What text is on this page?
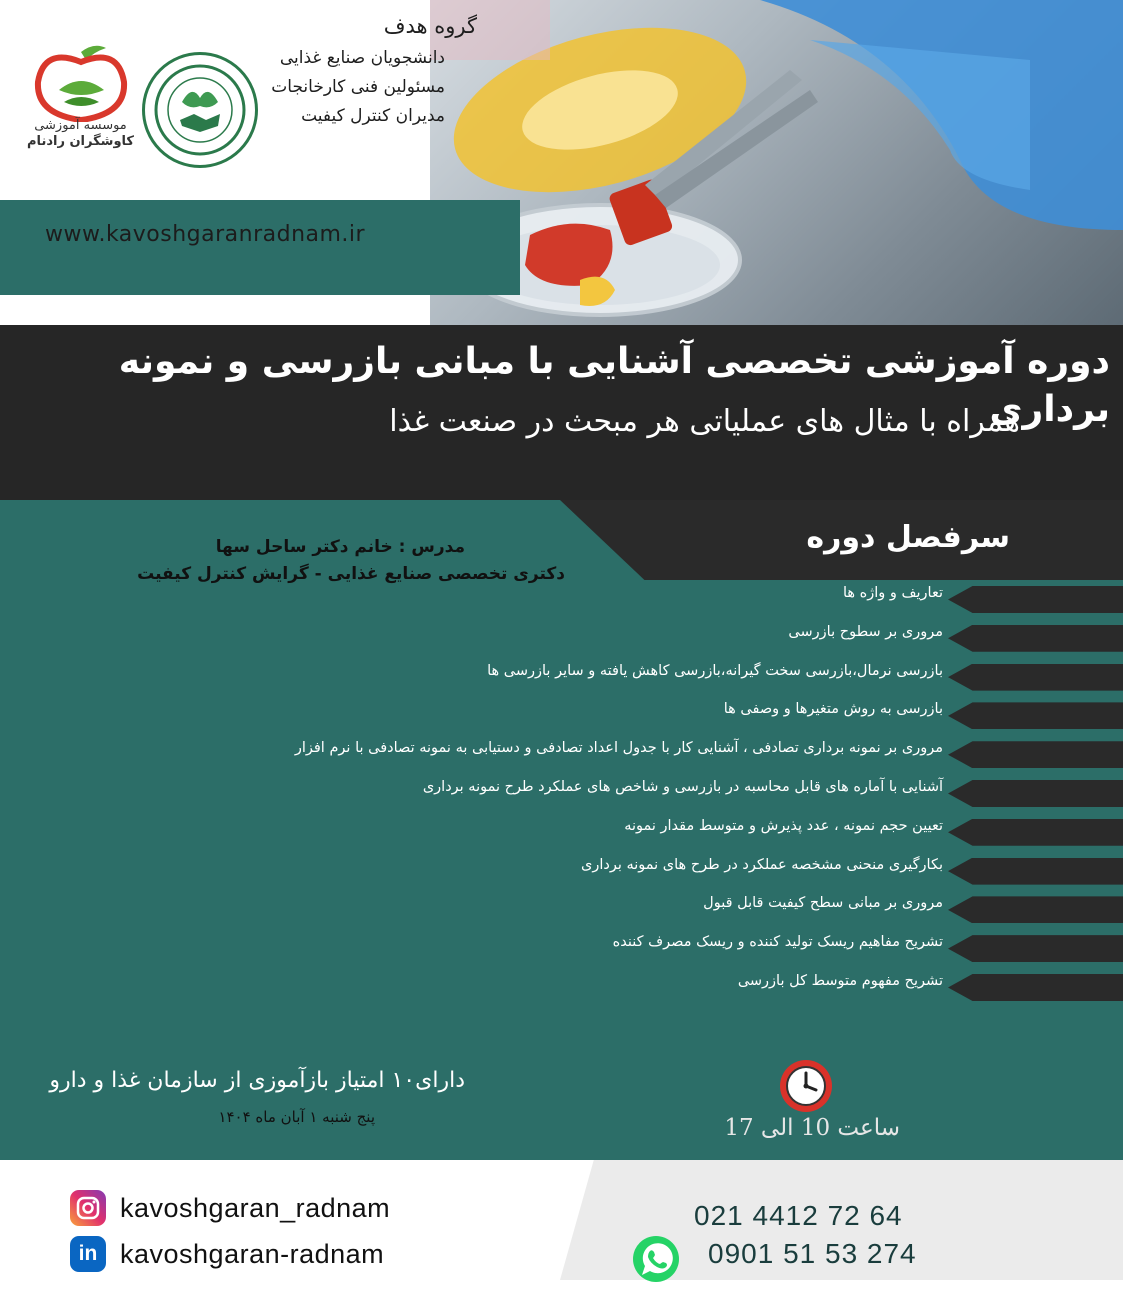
www.kavoshgaranradnam.ir
موسسه آموزشی
کاوشگران رادنام
گروه هدف
دانشجویان صنایع غذایی
مسئولین فنی کارخانجات
مدیران کنترل کیفیت
دوره آموزشی تخصصی آشنایی با مبانی بازرسی و نمونه برداری
همراه با مثال های عملیاتی هر مبحث در صنعت غذا
سرفصل دوره
مدرس : خانم دکتر ساحل سها
دکتری تخصصی صنایع غذایی - گرایش کنترل کیفیت
تعاریف و واژه ها
مروری بر سطوح بازرسی
بازرسی نرمال،بازرسی سخت گیرانه،بازرسی کاهش یافته و سایر بازرسی ها
بازرسی به روش متغیرها و وصفی ها
مروری بر نمونه برداری تصادفی ، آشنایی کار با جدول اعداد تصادفی و دستیابی به نمونه تصادفی با نرم افزار
آشنایی با آماره های قابل محاسبه در بازرسی و شاخص های عملکرد طرح نمونه برداری
تعیین حجم نمونه ، عدد پذیرش و متوسط مقدار نمونه
بکارگیری منحنی مشخصه عملکرد در طرح های نمونه برداری
مروری بر مبانی سطح کیفیت قابل قبول
تشریح مفاهیم ریسک تولید کننده و ریسک مصرف کننده
تشریح مفهوم متوسط کل بازرسی
دارای۱۰ امتیاز بازآموزی از سازمان غذا و دارو
پنج شنبه ۱ آبان ماه ۱۴۰۴	ساعت 10 الی 17
kavoshgaran_radnam
in kavoshgaran-radnam
021 4412 72 64
0901 51 53 274
